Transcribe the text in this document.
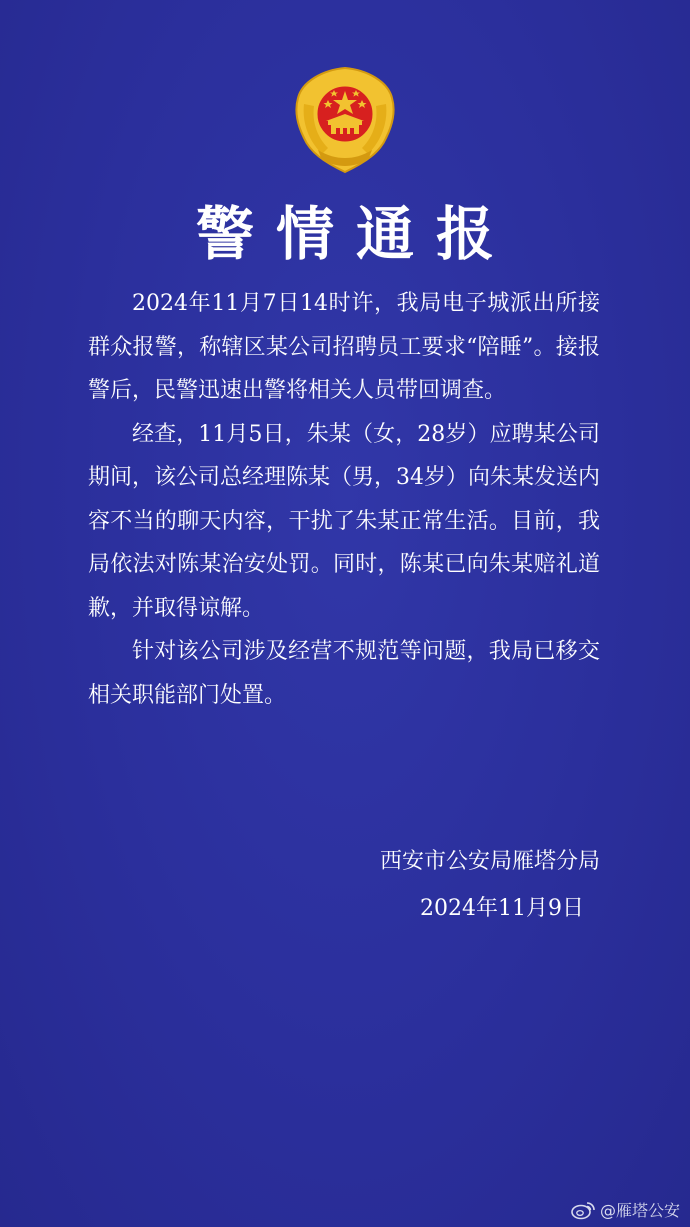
警情通报

2024年11月7日14时许，我局电子城派出所接群众报警，称辖区某公司招聘员工要求“陪睡”。接报警后，民警迅速出警将相关人员带回调查。

经查，11月5日，朱某（女，28岁）应聘某公司期间，该公司总经理陈某（男，34岁）向朱某发送内容不当的聊天内容，干扰了朱某正常生活。目前，我局依法对陈某治安处罚。同时，陈某已向朱某赔礼道歉，并取得谅解。

针对该公司涉及经营不规范等问题，我局已移交相关职能部门处置。

西安市公安局雁塔分局
2024年11月9日
@雁塔公安
